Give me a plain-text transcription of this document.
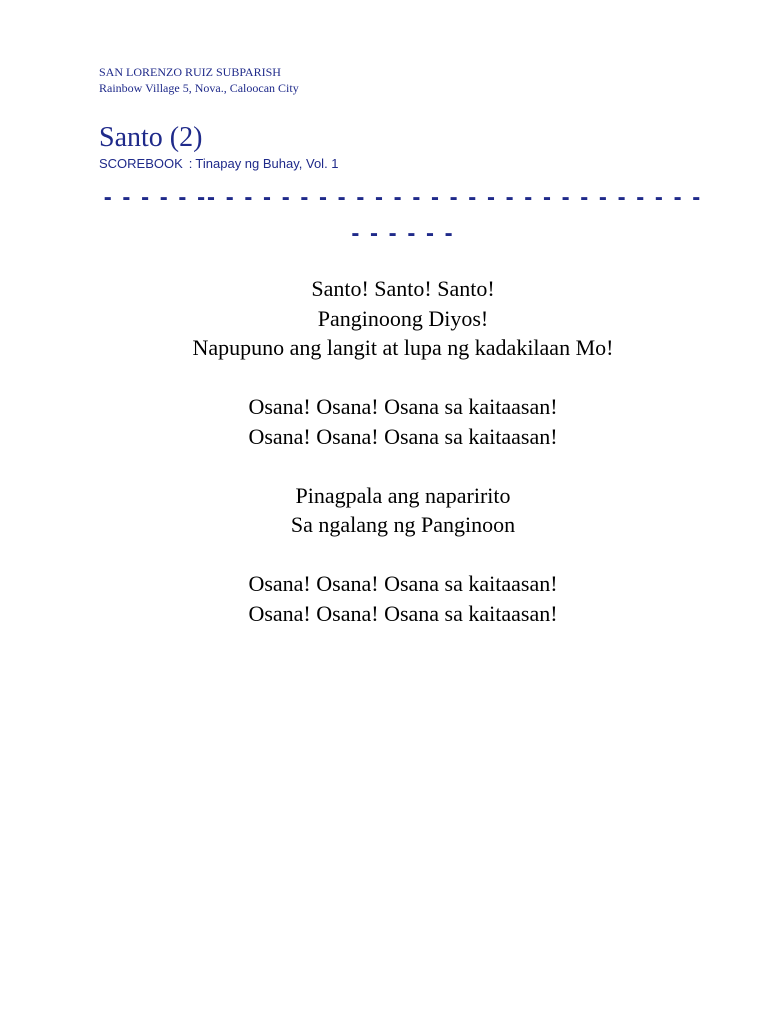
SAN LORENZO RUIZ SUBPARISH
Rainbow Village 5, Nova., Caloocan City
Santo (2)
SCOREBOOK : Tinapay ng Buhay, Vol. 1
- - - - - -- - - - - - - - - - - - - - - - - - - - - - - - - - - - - - - - -
Santo! Santo! Santo!
Panginoong Diyos!
Napupuno ang langit at lupa ng kadakilaan Mo!
Osana! Osana! Osana sa kaitaasan!
Osana! Osana! Osana sa kaitaasan!
Pinagpala ang naparirito
Sa ngalang ng Panginoon
Osana! Osana! Osana sa kaitaasan!
Osana! Osana! Osana sa kaitaasan!
